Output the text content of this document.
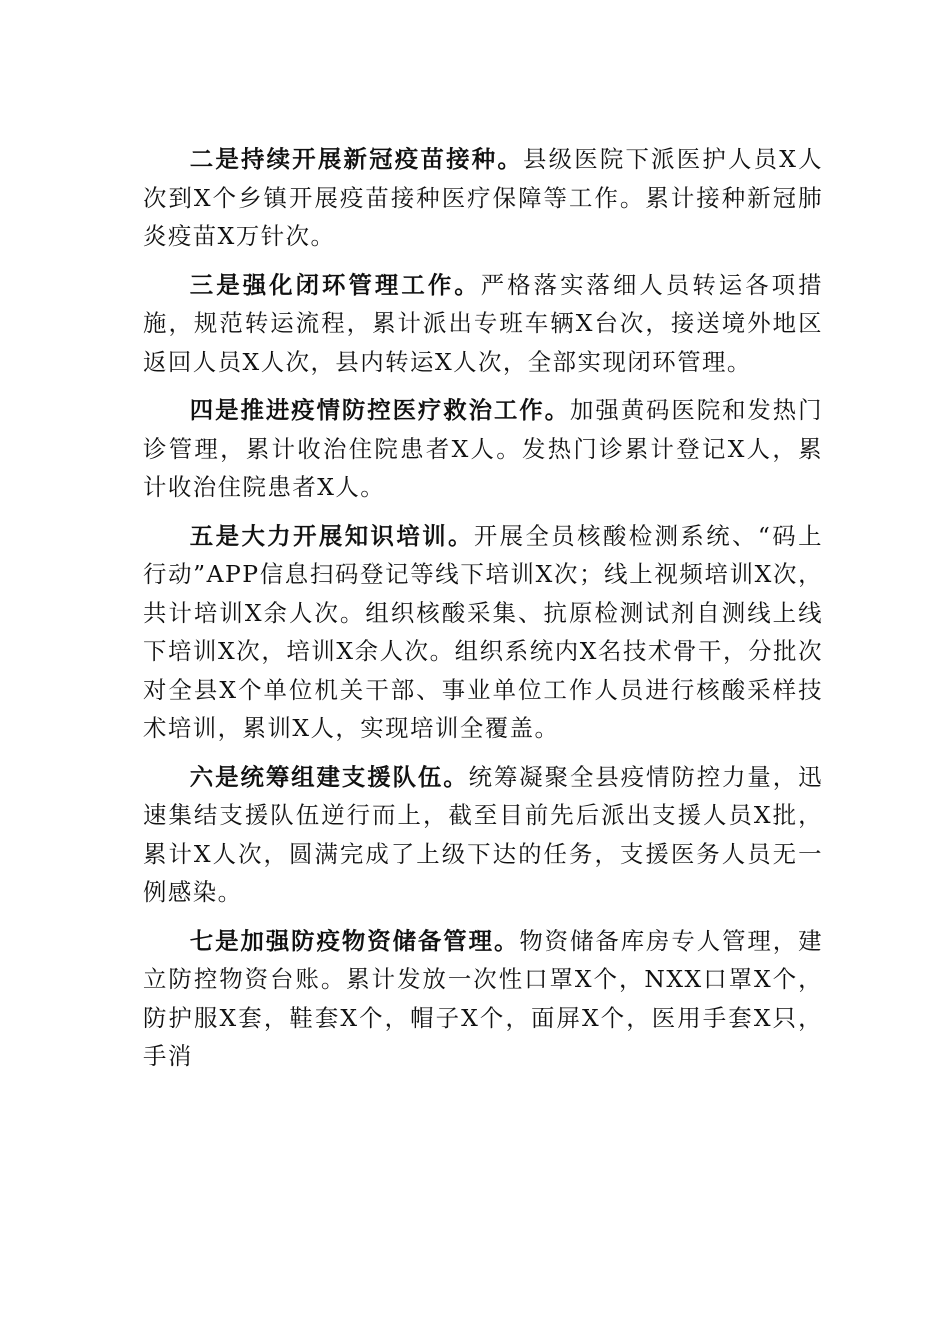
二是持续开展新冠疫苗接种。县级医院下派医护人员X人次到X个乡镇开展疫苗接种医疗保障等工作。累计接种新冠肺炎疫苗X万针次。

三是强化闭环管理工作。严格落实落细人员转运各项措施，规范转运流程，累计派出专班车辆X台次，接送境外地区返回人员X人次，县内转运X人次，全部实现闭环管理。

四是推进疫情防控医疗救治工作。加强黄码医院和发热门诊管理，累计收治住院患者X人。发热门诊累计登记X人，累计收治住院患者X人。

五是大力开展知识培训。开展全员核酸检测系统、“码上行动”APP信息扫码登记等线下培训X次；线上视频培训X次，共计培训X余人次。组织核酸采集、抗原检测试剂自测线上线下培训X次，培训X余人次。组织系统内X名技术骨干，分批次对全县X个单位机关干部、事业单位工作人员进行核酸采样技术培训，累训X人，实现培训全覆盖。

六是统筹组建支援队伍。统筹凝聚全县疫情防控力量，迅速集结支援队伍逆行而上，截至目前先后派出支援人员X批，累计X人次，圆满完成了上级下达的任务，支援医务人员无一例感染。

七是加强防疫物资储备管理。物资储备库房专人管理，建立防控物资台账。累计发放一次性口罩X个，NXX口罩X个，防护服X套，鞋套X个，帽子X个，面屏X个，医用手套X只，手消
